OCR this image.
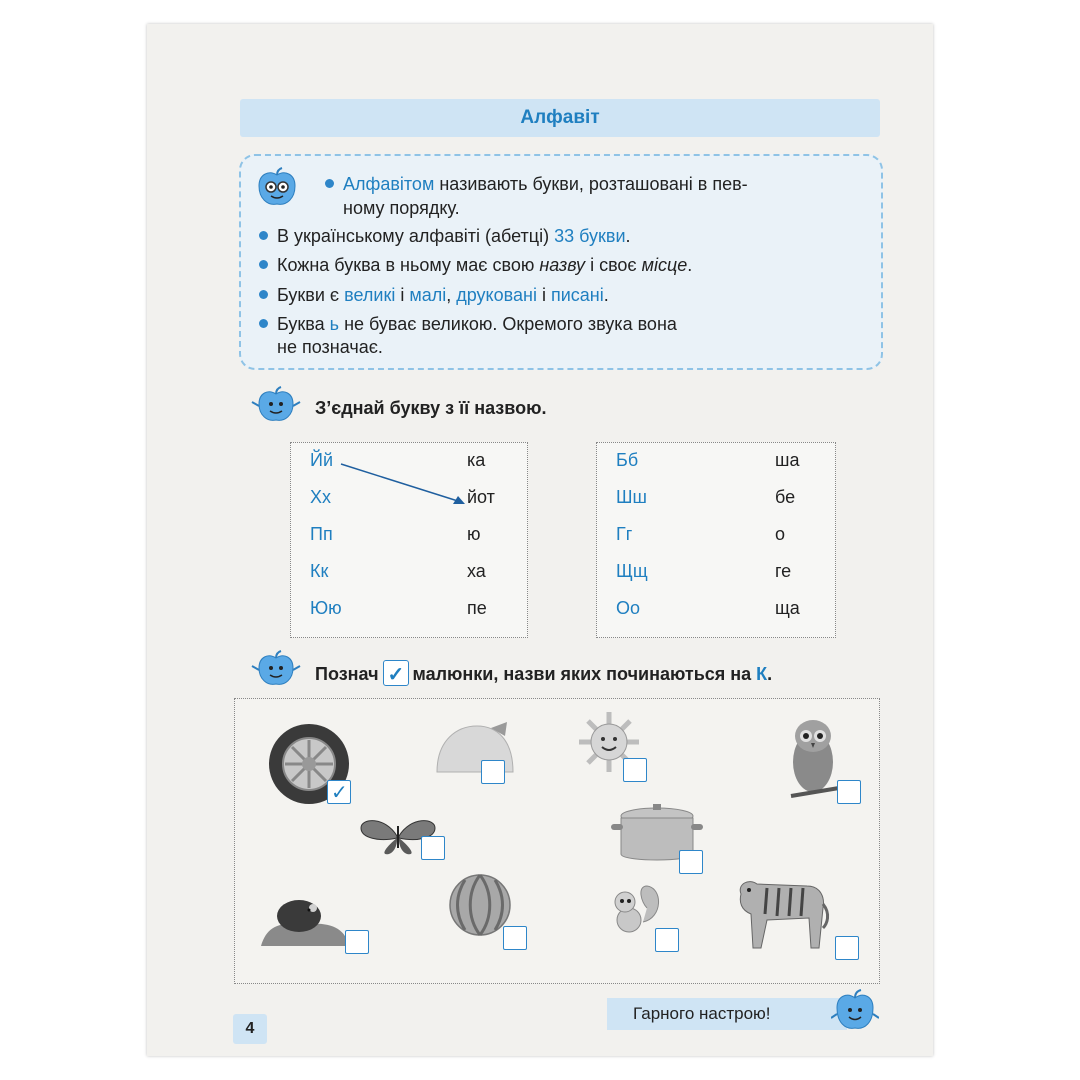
Алфавіт
Алфавітом називають букви, розташовані в пев-
ному порядку.
В українському алфавіті (абетці) 33 букви.
Кожна буква в ньому має свою назву і своє місце.
Букви є великі і малі, друковані і писані.
Буква ь не буває великою. Окремого звука вона
не позначає.
З’єднай букву з її назвою.
Йй	ка
Хх	йот
Пп	ю
Кк	ха
Юю	пе
Бб	ша
Шш	бе
Гг	о
Щщ	ге
Оо	ща
Познач ✓ малюнки, назви яких починаються на К.
✓
Гарного настрою!
4
